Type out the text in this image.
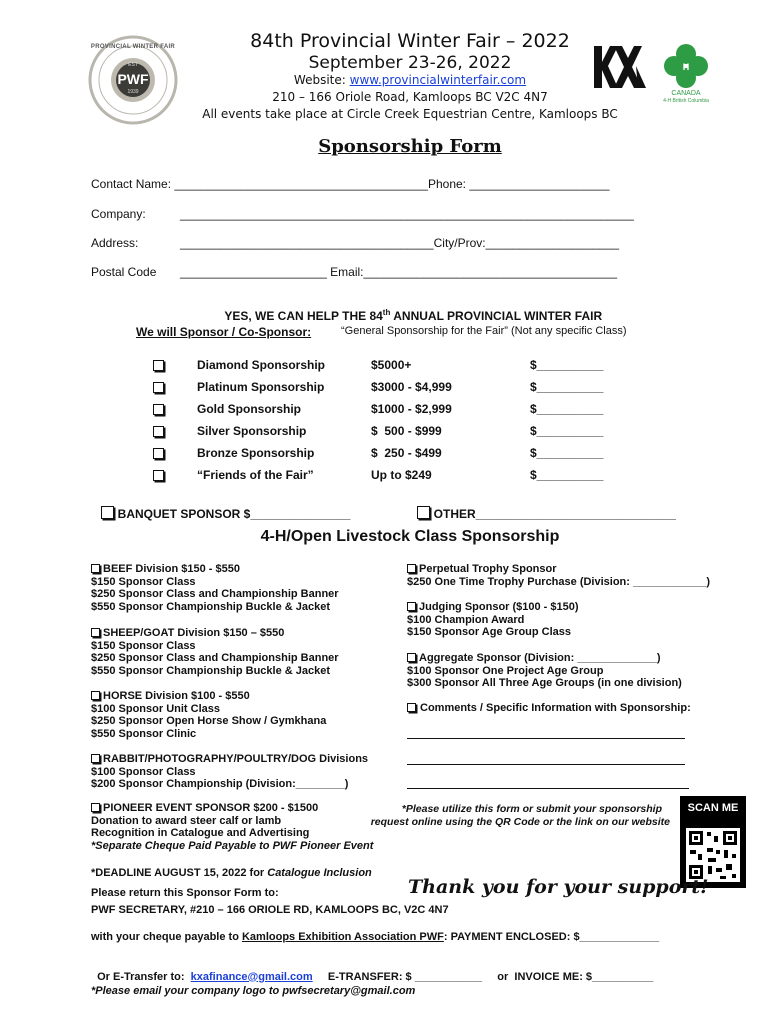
PWF
EST
1939
PROVINCIAL WINTER FAIR	84th Provincial Winter Fair – 2022
September 23-26, 2022
Website: www.provincialwinterfair.com
210 – 166 Oriole Road, Kamloops BC V2C 4N7
All events take place at Circle Creek Equestrian Centre, Kamloops BC
H
CANADA
4-H British Columbia
Sponsorship Form
Contact Name: ______________________________________Phone: _____________________
Company:	____________________________________________________________________
Address:	______________________________________City/Prov:____________________
Postal Code ______________________ Email:______________________________________

YES, WE CAN HELP THE 84th ANNUAL PROVINCIAL WINTER FAIR

We will Sponsor / Co-Sponsor:	“General Sponsorship for the Fair” (Not any specific Class)
Diamond Sponsorship	$5000+	$__________
Platinum Sponsorship	$3000 - $4,999	$__________
Gold Sponsorship	$1000 - $2,999	$__________
Silver Sponsorship	$  500 - $999	$__________
Bronze Sponsorship	$  250 - $499	$__________
“Friends of the Fair”	Up to $249	$__________

BANQUET SPONSOR $_______________	OTHER______________________________

4-H/Open Livestock Class Sponsorship
BEEF Division $150 - $550
$150 Sponsor Class
$250 Sponsor Class and Championship Banner
$550 Sponsor Championship Buckle & Jacket
SHEEP/GOAT Division $150 – $550
$150 Sponsor Class
$250 Sponsor Class and Championship Banner
$550 Sponsor Championship Buckle & Jacket
HORSE Division $100 - $550
$100 Sponsor Unit Class
$250 Sponsor Open Horse Show / Gymkhana
$550 Sponsor Clinic
RABBIT/PHOTOGRAPHY/POULTRY/DOG Divisions
$100 Sponsor Class
$200 Sponsor Championship (Division:________)
PIONEER EVENT SPONSOR $200 - $1500
Donation to award steer calf or lamb
Recognition in Catalogue and Advertising
*Separate Cheque Paid Payable to PWF Pioneer Event
Perpetual Trophy Sponsor
$250 One Time Trophy Purchase (Division: ____________)
Judging Sponsor ($100 - $150)
$100 Champion Award
$150 Sponsor Age Group Class
Aggregate Sponsor (Division: _____________)
$100 Sponsor One Project Age Group
$300 Sponsor All Three Age Groups (in one division)
Comments / Specific Information with Sponsorship:
*Please utilize this form or submit your sponsorship
request online using the QR Code or the link on our website
SCAN ME
*DEADLINE AUGUST 15, 2022 for Catalogue Inclusion
Please return this Sponsor Form to:	Thank you for your support!
PWF SECRETARY, #210 – 166 ORIOLE RD, KAMLOOPS BC, V2C 4N7
with your cheque payable to Kamloops Exhibition Association PWF: PAYMENT ENCLOSED: $_____________

Or E-Transfer to:  kxafinance@gmail.com     E-TRANSFER: $ ___________     or  INVOICE ME: $__________

*Please email your company logo to pwfsecretary@gmail.com
